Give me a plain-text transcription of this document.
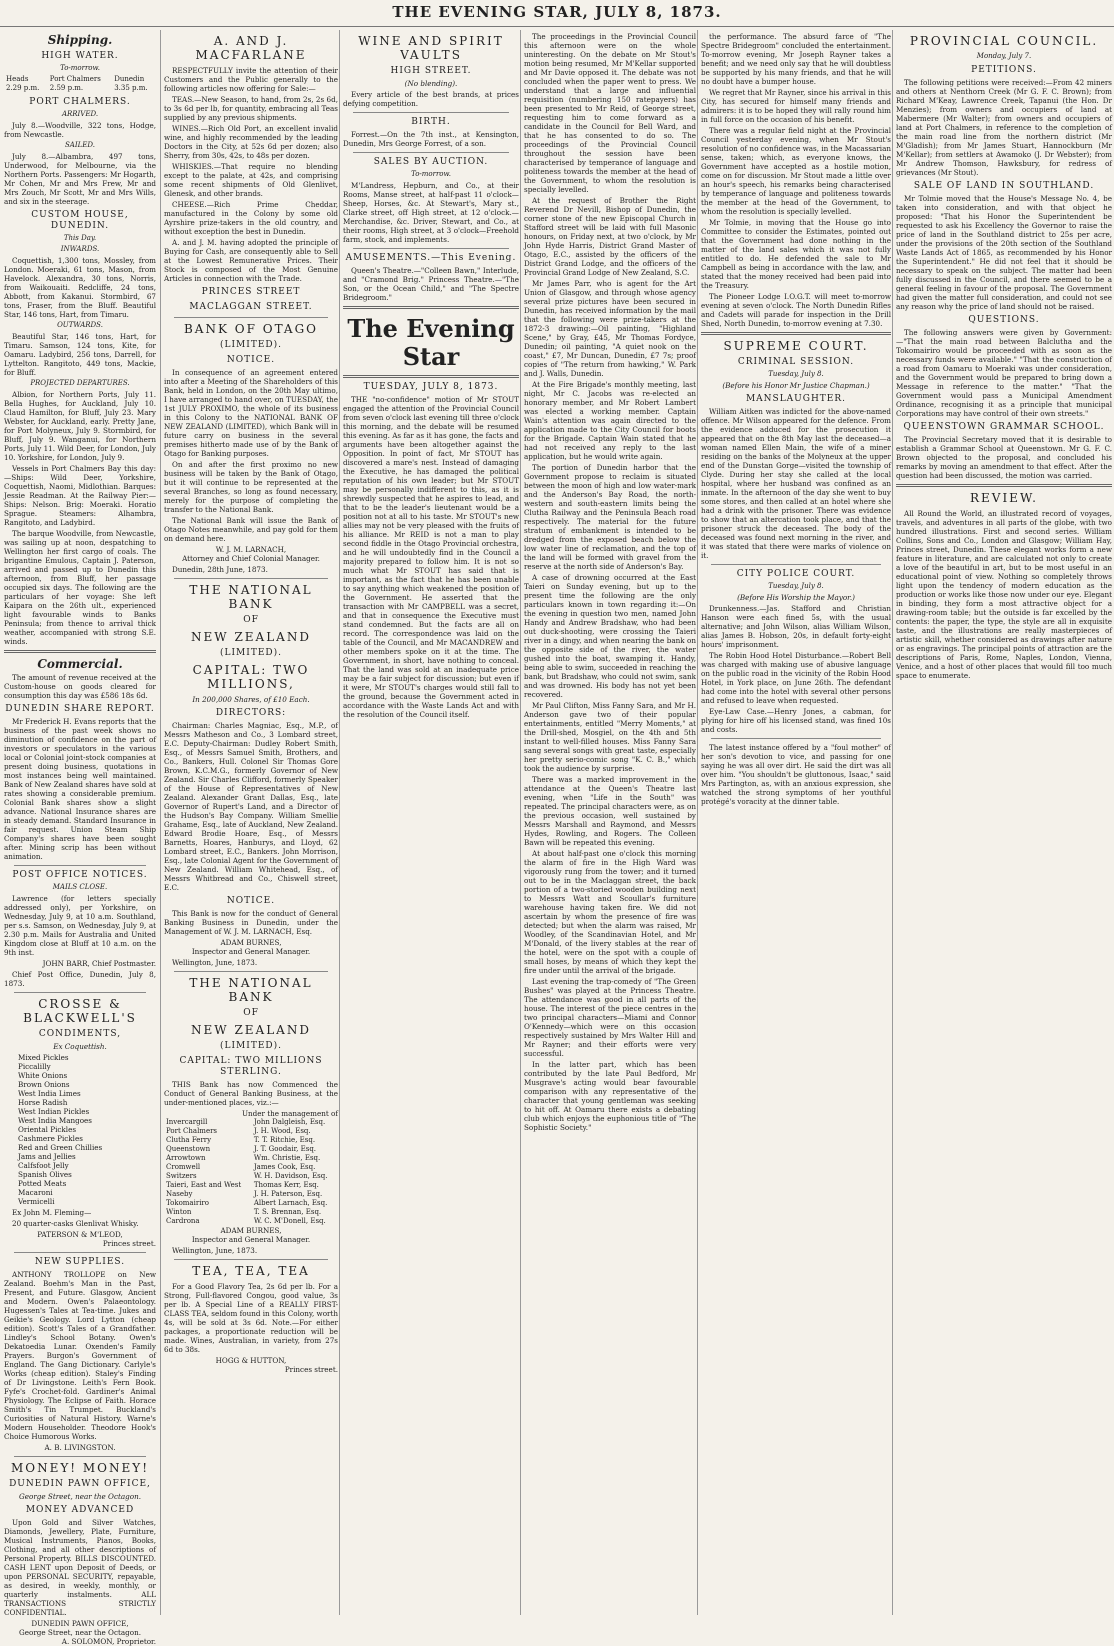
THE EVENING STAR, JULY 8, 1873.
Shipping.
HIGH WATER.
To-morrow.
Heads	Port Chalmers	Dunedin
2.29 p.m.	2.59 p.m.	3.35 p.m.
PORT CHALMERS.
ARRIVED.
July 8.—Woodville, 322 tons, Hodge, from Newcastle.
SAILED.
July 8.—Albambra, 497 tons, Underwood, for Melbourne, via the Northern Ports. Passengers: Mr Hogarth, Mr Cohen, Mr and Mrs Frew, Mr and Mrs Zouch, Mr Scott, Mr and Mrs Wills, and six in the steerage.
CUSTOM HOUSE, DUNEDIN.
This Day.
INWARDS.
Coquettish, 1,300 tons, Mossley, from London. Moeraki, 61 tons, Mason, from Havelock. Alexandra, 30 tons, Norris, from Waikouaiti. Redcliffe, 24 tons, Abbott, from Kakanui. Stormbird, 67 tons, Fraser, from the Bluff. Beautiful Star, 146 tons, Hart, from Timaru.
OUTWARDS.
Beautiful Star, 146 tons, Hart, for Timaru. Samson, 124 tons, Kite, for Oamaru. Ladybird, 256 tons, Darrell, for Lyttelton. Rangitoto, 449 tons, Mackie, for Bluff.
PROJECTED DEPARTURES.
Albion, for Northern Ports, July 11. Bella Hughes, for Auckland, July 10. Claud Hamilton, for Bluff, July 23. Mary Webster, for Auckland, early. Pretty Jane, for Port Molyneux, July 9. Stormbird, for Bluff, July 9. Wanganui, for Northern Ports, July 11. Wild Deer, for London, July 10. Yorkshire, for London, July 9.
Vessels in Port Chalmers Bay this day:—Ships: Wild Deer, Yorkshire, Coquettish, Naomi, Midlothian. Barques: Jessie Readman. At the Railway Pier:—Ships: Nelson. Brig: Moeraki. Horatio Sprague. Steamers: Alhambra, Rangitoto, and Ladybird.
The barque Woodville, from Newcastle, was sailing up at noon, despatching to Wellington her first cargo of coals. The brigantine Emulous, Captain J. Paterson, arrived and passed up to Dunedin this afternoon, from Bluff, her passage occupied six days. The following are the particulars of her voyage: She left Kaipara on the 26th ult., experienced light favourable winds to Banks Peninsula; from thence to arrival thick weather, accompanied with strong S.E. winds.
Commercial.
The amount of revenue received at the Custom-house on goods cleared for consumption this day was £586 18s 6d.
DUNEDIN SHARE REPORT.
Mr Frederick H. Evans reports that the business of the past week shows no diminution of confidence on the part of investors or speculators in the various local or Colonial joint-stock companies at present doing business, quotations in most instances being well maintained. Bank of New Zealand shares have sold at rates showing a considerable premium. Colonial Bank shares show a slight advance. National Insurance shares are in steady demand. Standard Insurance in fair request. Union Steam Ship Company's shares have been sought after. Mining scrip has been without animation.
POST OFFICE NOTICES.
MAILS CLOSE.
Lawrence (for letters specially addressed only), per Yorkshire, on Wednesday, July 9, at 10 a.m. Southland, per s.s. Samson, on Wednesday, July 9, at 2.30 p.m. Mails for Australia and United Kingdom close at Bluff at 10 a.m. on the 9th inst.
JOHN BARR, Chief Postmaster.
Chief Post Office, Dunedin, July 8, 1873.
CROSSE & BLACKWELL'S
CONDIMENTS,
Ex Coquettish.
Mixed Pickles
Piccalilly
White Onions
Brown Onions
West India Limes
Horse Radish
West Indian Pickles
West India Mangoes
Oriental Pickles
Cashmere Pickles
Red and Green Chillies
Jams and Jellies
Calfsfoot Jelly
Spanish Olives
Potted Meats
Macaroni
Vermicelli
Ex John M. Fleming—
20 quarter-casks Glenlivat Whisky.
PATERSON & M'LEOD,
Princes street.
NEW SUPPLIES.
ANTHONY TROLLOPE on New Zealand. Boehm's Man in the Past, Present, and Future. Glasgow, Ancient and Modern. Owen's Palaeontology. Hugessen's Tales at Tea-time. Jukes and Geikie's Geology. Lord Lytton (cheap edition). Scott's Tales of a Grandfather. Lindley's School Botany. Owen's Dekatoedia Lunar. Oxenden's Family Prayers. Burgon's Government of England. The Gang Dictionary. Carlyle's Works (cheap edition). Staley's Finding of Dr Livingstone. Leith's Fern Book. Fyfe's Crochet-fold. Gardiner's Animal Physiology. The Eclipse of Faith. Horace Smith's Tin Trumpet. Buckland's Curiosities of Natural History. Warne's Modern Householder. Theodore Hook's Choice Humorous Works.
A. B. LIVINGSTON.
MONEY! MONEY!
DUNEDIN PAWN OFFICE,
George Street, near the Octagon.
MONEY ADVANCED
Upon Gold and Silver Watches, Diamonds, Jewellery, Plate, Furniture, Musical Instruments, Pianos, Books, Clothing, and all other descriptions of Personal Property. BILLS DISCOUNTED. CASH LENT upon Deposit of Deeds, or upon PERSONAL SECURITY, repayable, as desired, in weekly, monthly, or quarterly instalments. ALL TRANSACTIONS STRICTLY CONFIDENTIAL.
DUNEDIN PAWN OFFICE,
George Street, near the Octagon.
A. SOLOMON, Proprietor.
A. AND J. MACFARLANE
RESPECTFULLY invite the attention of their Customers and the Public generally to the following articles now offering for Sale:—
TEAS.—New Season, to hand, from 2s, 2s 6d, to 3s 6d per lb, for quantity, embracing all Teas supplied by any previous shipments.
WINES.—Rich Old Port, an excellent invalid wine, and highly recommended by the leading Doctors in the City, at 52s 6d per dozen; also Sherry, from 30s, 42s, to 48s per dozen.
WHISKIES.—That require no blending except to the palate, at 42s, and comprising some recent shipments of Old Glenlivet, Glenesk, and other brands.
CHEESE.—Rich Prime Cheddar, manufactured in the Colony by some old Ayrshire prize-takers in the old country, and without exception the best in Dunedin.
A. and J. M. having adopted the principle of Buying for Cash, are consequently able to Sell at the Lowest Remunerative Prices. Their Stock is composed of the Most Genuine Articles in connection with the Trade.
PRINCES STREET
MACLAGGAN STREET.
BANK OF OTAGO
(LIMITED).
NOTICE.
In consequence of an agreement entered into after a Meeting of the Shareholders of this Bank, held in London, on the 20th May ultimo, I have arranged to hand over, on TUESDAY, the 1st JULY PROXIMO, the whole of its business in this Colony to the NATIONAL BANK OF NEW ZEALAND (LIMITED), which Bank will in future carry on business in the several premises hitherto made use of by the Bank of Otago for Banking purposes.
On and after the first proximo no new business will be taken by the Bank of Otago, but it will continue to be represented at the several Branches, so long as found necessary, merely for the purpose of completing the transfer to the National Bank.
The National Bank will issue the Bank of Otago Notes meanwhile, and pay gold for them on demand here.
W. J. M. LARNACH,
Attorney and Chief Colonial Manager.
Dunedin, 28th June, 1873.
THE NATIONAL BANK
OF
NEW ZEALAND
(LIMITED).
CAPITAL: TWO MILLIONS,
In 200,000 Shares, of £10 Each.
DIRECTORS:
Chairman: Charles Magniac, Esq., M.P., of Messrs Matheson and Co., 3 Lombard street, E.C. Deputy-Chairman: Dudley Robert Smith, Esq., of Messrs Samuel Smith, Brothers, and Co., Bankers, Hull. Colonel Sir Thomas Gore Brown, K.C.M.G., formerly Governor of New Zealand. Sir Charles Clifford, formerly Speaker of the House of Representatives of New Zealand. Alexander Grant Dallas, Esq., late Governor of Rupert's Land, and a Director of the Hudson's Bay Company. William Smellie Grahame, Esq., late of Auckland, New Zealand. Edward Brodie Hoare, Esq., of Messrs Barnetts, Hoares, Hanburys, and Lloyd, 62 Lombard street, E.C., Bankers. John Morrison, Esq., late Colonial Agent for the Government of New Zealand. William Whitehead, Esq., of Messrs Whitbread and Co., Chiswell street, E.C.
NOTICE.
This Bank is now for the conduct of General Banking Business in Dunedin, under the Management of W. J. M. LARNACH, Esq.
ADAM BURNES,
Inspector and General Manager.
Wellington, June, 1873.
THE NATIONAL BANK
OF
NEW ZEALAND
(LIMITED).
CAPITAL: TWO MILLIONS STERLING.
THIS Bank has now Commenced the Conduct of General Banking Business, at the under-mentioned places, viz.:—
Under the management of
Invercargill	John Dalgleish, Esq.
Port Chalmers	J. H. Wood, Esq.
Clutha Ferry	T. T. Ritchie, Esq.
Queenstown	J. T. Goodair, Esq.
Arrowtown	Wm. Christie, Esq.
Cromwell	James Cook, Esq.
Switzers	W. H. Davidson, Esq.
Taieri, East and West	Thomas Kerr, Esq.
Naseby	J. H. Paterson, Esq.
Tokomairiro	Albert Larnach, Esq.
Winton	T. S. Brennan, Esq.
Cardrona	W. C. M'Donell, Esq.
ADAM BURNES,
Inspector and General Manager.
Wellington, June, 1873.
TEA, TEA, TEA
For a Good Flavory Tea, 2s 6d per lb. For a Strong, Full-flavored Congou, good value, 3s per lb. A Special Line of a REALLY FIRST-CLASS TEA, seldom found in this Colony, worth 4s, will be sold at 3s 6d. Note.—For either packages, a proportionate reduction will be made. Wines, Australian, in variety, from 27s 6d to 38s.
HOGG & HUTTON,
Princes street.
WINE AND SPIRIT VAULTS
HIGH STREET.
(No blending).
Every article of the best brands, at prices defying competition.
BIRTH.
Forrest.—On the 7th inst., at Kensington, Dunedin, Mrs George Forrest, of a son.
SALES BY AUCTION.
To-morrow.
M'Landress, Hepburn, and Co., at their Rooms, Manse street, at half-past 11 o'clock—Sheep, Horses, &c. At Stewart's, Mary st., Clarke street, off High street, at 12 o'clock.—Merchandise, &c. Driver, Stewart, and Co., at their rooms, High street, at 3 o'clock—Freehold farm, stock, and implements.
AMUSEMENTS.—This Evening.
Queen's Theatre.—"Colleen Bawn," Interlude, and "Cramond Brig." Princess Theatre.—"The Son, or the Ocean Child," and "The Spectre Bridegroom."
The Evening Star
TUESDAY, JULY 8, 1873.
THE "no-confidence" motion of Mr STOUT engaged the attention of the Provincial Council from seven o'clock last evening till three o'clock this morning, and the debate will be resumed this evening. As far as it has gone, the facts and arguments have been altogether against the Opposition. In point of fact, Mr STOUT has discovered a mare's nest. Instead of damaging the Executive, he has damaged the political reputation of his own leader; but Mr STOUT may be personally indifferent to this, as it is shrewdly suspected that he aspires to lead, and that to be the leader's lieutenant would be a position not at all to his taste. Mr STOUT's new allies may not be very pleased with the fruits of his alliance. Mr REID is not a man to play second fiddle in the Otago Provincial orchestra, and he will undoubtedly find in the Council a majority prepared to follow him. It is not so much what Mr STOUT has said that is important, as the fact that he has been unable to say anything which weakened the position of the Government. He asserted that the transaction with Mr CAMPBELL was a secret, and that in consequence the Executive must stand condemned. But the facts are all on record. The correspondence was laid on the table of the Council, and Mr MACANDREW and other members spoke on it at the time. The Government, in short, have nothing to conceal. That the land was sold at an inadequate price may be a fair subject for discussion; but even if it were, Mr STOUT's charges would still fall to the ground, because the Government acted in accordance with the Waste Lands Act and with the resolution of the Council itself.
The proceedings in the Provincial Council this afternoon were on the whole uninteresting. On the debate on Mr Stout's motion being resumed, Mr M'Kellar supported and Mr Davie opposed it. The debate was not concluded when the paper went to press. We understand that a large and influential requisition (numbering 150 ratepayers) has been presented to Mr Reid, of George street, requesting him to come forward as a candidate in the Council for Bell Ward, and that he has consented to do so. The proceedings of the Provincial Council throughout the session have been characterised by temperance of language and politeness towards the member at the head of the Government, to whom the resolution is specially levelled.
At the request of Brother the Right Reverend Dr Nevill, Bishop of Dunedin, the corner stone of the new Episcopal Church in Stafford street will be laid with full Masonic honours, on Friday next, at two o'clock, by Mr John Hyde Harris, District Grand Master of Otago, E.C., assisted by the officers of the District Grand Lodge, and the officers of the Provincial Grand Lodge of New Zealand, S.C.
Mr James Parr, who is agent for the Art Union of Glasgow, and through whose agency several prize pictures have been secured in Dunedin, has received information by the mail that the following were prize-takers at the 1872-3 drawing:—Oil painting, "Highland Scene," by Gray, £45, Mr Thomas Fordyce, Dunedin; oil painting, "A quiet nook on the coast," £7, Mr Duncan, Dunedin, £7 7s; proof copies of "The return from hawking," W. Park and J. Walls, Dunedin.
At the Fire Brigade's monthly meeting, last night, Mr C. Jacobs was re-elected an honorary member, and Mr Robert Lambert was elected a working member. Captain Wain's attention was again directed to the application made to the City Council for boots for the Brigade. Captain Wain stated that he had not received any reply to the last application, but he would write again.
The portion of Dunedin harbor that the Government propose to reclaim is situated between the moon of high and low water-mark and the Anderson's Bay Road, the north-western and south-eastern limits being the Clutha Railway and the Peninsula Beach road respectively. The material for the future stratum of embankment is intended to be dredged from the exposed beach below the low water line of reclamation, and the top of the land will be formed with gravel from the reserve at the north side of Anderson's Bay.
A case of drowning occurred at the East Taieri on Sunday evening, but up to the present time the following are the only particulars known in town regarding it:—On the evening in question two men, named John Handy and Andrew Bradshaw, who had been out duck-shooting, were crossing the Taieri river in a dingy, and when nearing the bank on the opposite side of the river, the water gushed into the boat, swamping it. Handy, being able to swim, succeeded in reaching the bank, but Bradshaw, who could not swim, sank and was drowned. His body has not yet been recovered.
Mr Paul Clifton, Miss Fanny Sara, and Mr H. Anderson gave two of their popular entertainments, entitled "Merry Moments," at the Drill-shed, Mosgiel, on the 4th and 5th instant to well-filled houses. Miss Fanny Sara sang several songs with great taste, especially her pretty serio-comic song "K. C. B.," which took the audience by surprise.
There was a marked improvement in the attendance at the Queen's Theatre last evening, when "Life in the South" was repeated. The principal characters were, as on the previous occasion, well sustained by Messrs Marshall and Raymond, and Messrs Hydes, Rowling, and Rogers. The Colleen Bawn will be repeated this evening.
At about half-past one o'clock this morning the alarm of fire in the High Ward was vigorously rung from the tower; and it turned out to be in the Maclaggan street, the back portion of a two-storied wooden building next to Messrs Watt and Scoullar's furniture warehouse having taken fire. We did not ascertain by whom the presence of fire was detected; but when the alarm was raised, Mr Woodley, of the Scandinavian Hotel, and Mr M'Donald, of the livery stables at the rear of the hotel, were on the spot with a couple of small hoses, by means of which they kept the fire under until the arrival of the brigade.
Last evening the trap-comedy of "The Green Bushes" was played at the Princess Theatre. The attendance was good in all parts of the house. The interest of the piece centres in the two principal characters—Miami and Connor O'Kennedy—which were on this occasion respectively sustained by Mrs Walter Hill and Mr Rayner; and their efforts were very successful.
In the latter part, which has been contributed by the late Paul Bedford, Mr Musgrave's acting would bear favourable comparison with any representative of the character that young gentleman was seeking to hit off. At Oamaru there exists a debating club which enjoys the euphonious title of "The Sophistic Society."
the performance. The absurd farce of "The Spectre Bridegroom" concluded the entertainment. To-morrow evening, Mr Joseph Rayner takes a benefit; and we need only say that he will doubtless be supported by his many friends, and that he will no doubt have a bumper house.
We regret that Mr Rayner, since his arrival in this City, has secured for himself many friends and admirers: it is to be hoped they will rally round him in full force on the occasion of his benefit.
There was a regular field night at the Provincial Council yesterday evening, when Mr Stout's resolution of no confidence was, in the Macassarian sense, taken; which, as everyone knows, the Government have accepted as a hostile motion, come on for discussion. Mr Stout made a little over an hour's speech, his remarks being characterised by temperance of language and politeness towards the member at the head of the Government, to whom the resolution is specially levelled.
Mr Tolmie, in moving that the House go into Committee to consider the Estimates, pointed out that the Government had done nothing in the matter of the land sales which it was not fully entitled to do. He defended the sale to Mr Campbell as being in accordance with the law, and stated that the money received had been paid into the Treasury.
The Pioneer Lodge I.O.G.T. will meet to-morrow evening at seven o'clock. The North Dunedin Rifles and Cadets will parade for inspection in the Drill Shed, North Dunedin, to-morrow evening at 7.30.
SUPREME COURT.
CRIMINAL SESSION.
Tuesday, July 8.
(Before his Honor Mr Justice Chapman.)
MANSLAUGHTER.
William Aitken was indicted for the above-named offence. Mr Wilson appeared for the defence. From the evidence adduced for the prosecution it appeared that on the 8th May last the deceased—a woman named Ellen Main, the wife of a miner residing on the banks of the Molyneux at the upper end of the Dunstan Gorge—visited the township of Clyde. During her stay she called at the local hospital, where her husband was confined as an inmate. In the afternoon of the day she went to buy some stores, and then called at an hotel where she had a drink with the prisoner. There was evidence to show that an altercation took place, and that the prisoner struck the deceased. The body of the deceased was found next morning in the river, and it was stated that there were marks of violence on it.
CITY POLICE COURT.
Tuesday, July 8.
(Before His Worship the Mayor.)
Drunkenness.—Jas. Stafford and Christian Hanson were each fined 5s, with the usual alternative; and John Wilson, alias William Wilson, alias James B. Hobson, 20s, in default forty-eight hours' imprisonment.
The Robin Hood Hotel Disturbance.—Robert Bell was charged with making use of abusive language on the public road in the vicinity of the Robin Hood Hotel, in York place, on June 26th. The defendant had come into the hotel with several other persons and refused to leave when requested.
Eye-Law Case.—Henry Jones, a cabman, for plying for hire off his licensed stand, was fined 10s and costs.
The latest instance offered by a "foul mother" of her son's devotion to vice, and passing for one saying he was all over dirt. He said the dirt was all over him. "You shouldn't be gluttonous, Isaac," said Mrs Partington, as, with an anxious expression, she watched the strong symptoms of her youthful protégé's voracity at the dinner table.
PROVINCIAL COUNCIL.
Monday, July 7.
PETITIONS.
The following petitions were received:—From 42 miners and others at Nenthorn Creek (Mr G. F. C. Brown); from Richard M'Keay, Lawrence Creek, Tapanui (the Hon. Dr Menzies); from owners and occupiers of land at Mabermere (Mr Walter); from owners and occupiers of land at Port Chalmers, in reference to the completion of the main road line from the northern district (Mr M'Gladish); from Mr James Stuart, Hannockburn (Mr M'Kellar); from settlers at Awamoko (J. Dr Webster); from Mr Andrew Thomson, Hawksbury, for redress of grievances (Mr Stout).
SALE OF LAND IN SOUTHLAND.
Mr Tolmie moved that the House's Message No. 4, be taken into consideration, and with that object he proposed: "That his Honor the Superintendent be requested to ask his Excellency the Governor to raise the price of land in the Southland district to 25s per acre, under the provisions of the 20th section of the Southland Waste Lands Act of 1865, as recommended by his Honor the Superintendent." He did not feel that it should be necessary to speak on the subject. The matter had been fully discussed in the Council, and there seemed to be a general feeling in favour of the proposal. The Government had given the matter full consideration, and could not see any reason why the price of land should not be raised.
QUESTIONS.
The following answers were given by Government:—"That the main road between Balclutha and the Tokomairiro would be proceeded with as soon as the necessary funds were available." "That the construction of a road from Oamaru to Moeraki was under consideration, and the Government would be prepared to bring down a Message in reference to the matter." "That the Government would pass a Municipal Amendment Ordinance, recognising it as a principle that municipal Corporations may have control of their own streets."
QUEENSTOWN GRAMMAR SCHOOL.
The Provincial Secretary moved that it is desirable to establish a Grammar School at Queenstown. Mr G. F. C. Brown objected to the proposal, and concluded his remarks by moving an amendment to that effect. After the question had been discussed, the motion was carried.
REVIEW.
All Round the World, an illustrated record of voyages, travels, and adventures in all parts of the globe, with two hundred illustrations. First and second series. William Collins, Sons and Co., London and Glasgow; William Hay, Princes street, Dunedin. These elegant works form a new feature in literature, and are calculated not only to create a love of the beautiful in art, but to be most useful in an educational point of view. Nothing so completely throws light upon the tendency of modern education as the production or works like those now under our eye. Elegant in binding, they form a most attractive object for a drawing-room table; but the outside is far excelled by the contents: the paper, the type, the style are all in exquisite taste, and the illustrations are really masterpieces of artistic skill, whether considered as drawings after nature or as engravings. The principal points of attraction are the descriptions of Paris, Rome, Naples, London, Vienna, Venice, and a host of other places that would fill too much space to enumerate.
